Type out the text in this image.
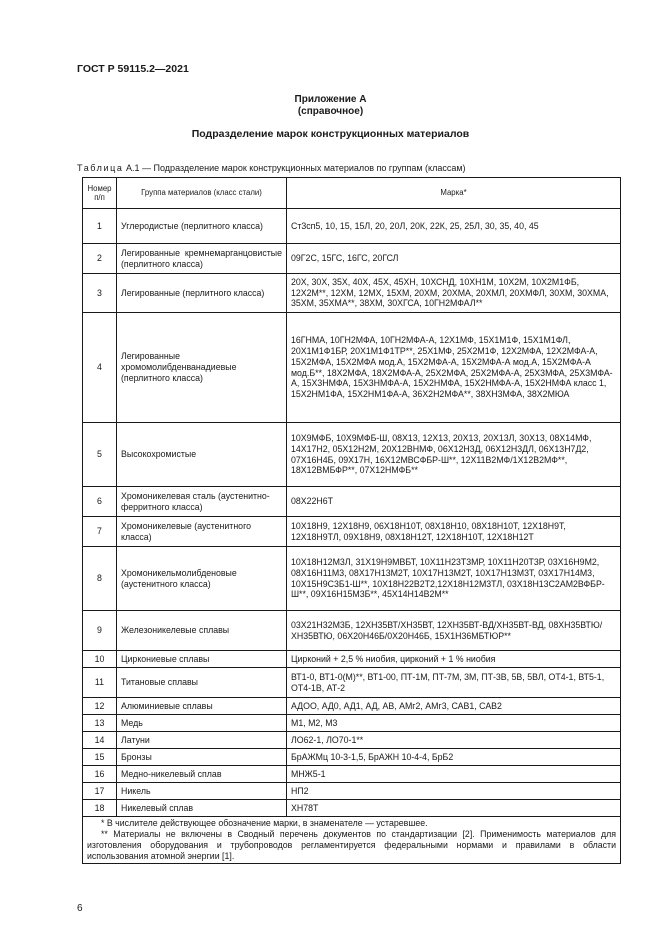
ГОСТ Р 59115.2—2021
Приложение А
(справочное)
Подразделение марок конструкционных материалов
Таблица А.1 — Подразделение марок конструкционных материалов по группам (классам)
Номер п/п	Группа материалов (класс стали)	Марка*
1	Углеродистые (перлитного класса)	Ст3сп5, 10, 15, 15Л, 20, 20Л, 20К, 22К, 25, 25Л, 30, 35, 40, 45
2	Легированные кремнемарганцовистые (перлитного класса)	09Г2С, 15ГС, 16ГС, 20ГСЛ
3	Легированные (перлитного класса)	20Х, 30Х, 35Х, 40Х, 45Х, 45ХН, 10ХСНД, 10ХН1М, 10Х2М, 10Х2М1ФБ, 12Х2М**, 12ХМ, 12МХ, 15ХМ, 20ХМ, 20ХМА, 20ХМЛ, 20ХМФЛ, 30ХМ, 30ХМА, 35ХМ, 35ХМА**, 38ХМ, 30ХГСА, 10ГН2МФАЛ**
4	Легированные хромомолибденванадиевые (перлитного класса)	16ГНМА, 10ГН2МФА, 10ГН2МФА-А, 12Х1МФ, 15Х1М1Ф, 15Х1М1ФЛ, 20Х1М1Ф1БР, 20Х1М1Ф1ТР**, 25Х1МФ, 25Х2М1Ф, 12Х2МФА, 12Х2МФА-А, 15Х2МФА, 15Х2МФА мод.А, 15Х2МФА-А, 15Х2МФА-А мод.А, 15Х2МФА-А мод.Б**, 18Х2МФА, 18Х2МФА-А, 25Х2МФА, 25Х2МФА-А, 25Х3МФА, 25Х3МФА-А, 15Х3НМФА, 15Х3НМФА-А, 15Х2НМФА, 15Х2НМФА-А, 15Х2НМФА класс 1, 15Х2НМ1ФА, 15Х2НМ1ФА-А, 36Х2Н2МФА**, 38ХН3МФА, 38Х2МЮА
5	Высокохромистые	10Х9МФБ, 10Х9МФБ-Ш, 08Х13, 12Х13, 20Х13, 20Х13Л, 30Х13, 08Х14МФ, 14Х17Н2, 05Х12Н2М, 20Х12ВНМФ, 06Х12Н3Д, 06Х12Н3ДЛ, 06Х13Н7Д2, 07Х16Н4Б, 09Х17Н, 16Х12МВСФБР-Ш**, 12Х11В2МФ/1Х12В2МФ**, 18Х12ВМБФР**, 07Х12НМФБ**
6	Хромоникелевая сталь (аустенитно-ферритного класса)	08Х22Н6Т
7	Хромоникелевые (аустенитного класса)	10Х18Н9, 12Х18Н9, 06Х18Н10Т, 08Х18Н10, 08Х18Н10Т, 12Х18Н9Т, 12Х18Н9ТЛ, 09Х18Н9, 08Х18Н12Т, 12Х18Н10Т, 12Х18Н12Т
8	Хромоникельмолибденовые (аустенитного класса)	10Х18Н12М3Л, 31Х19Н9МВБТ, 10Х11Н23Т3МР, 10Х11Н20Т3Р, 03Х16Н9М2, 08Х16Н11М3, 08Х17Н13М2Т, 10Х17Н13М2Т, 10Х17Н13М3Т, 03Х17Н14М3, 10Х15Н9С3Б1-Ш**, 10Х18Н22В2Т2,12Х18Н12М3ТЛ, 03Х18Н13С2АМ2ВФБР-Ш**, 09Х16Н15М3Б**, 45Х14Н14В2М**
9	Железоникелевые сплавы	03Х21Н32М3Б, 12ХН35ВТ/ХН35ВТ, 12ХН35ВТ-ВД/ХН35ВТ-ВД, 08ХН35ВТЮ/ХН35ВТЮ, 06Х20Н46Б/0Х20Н46Б, 15Х1Н36МБТЮР**
10	Циркониевые сплавы	Цирконий + 2,5 % ниобия, цирконий + 1 % ниобия
11	Титановые сплавы	ВТ1-0, ВТ1-0(М)**, ВТ1-00, ПТ-1М, ПТ-7М, 3М, ПТ-3В, 5В, 5ВЛ, ОТ4-1, ВТ5-1, ОТ4-1В, АТ-2
12	Алюминиевые сплавы	АДОО, АД0, АД1, АД, АВ, АМг2, АМг3, САВ1, САВ2
13	Медь	М1, М2, М3
14	Латуни	ЛО62-1, ЛО70-1**
15	Бронзы	БрАЖМц 10-3-1,5, БрАЖН 10-4-4, БрБ2
16	Медно-никелевый сплав	МНЖ5-1
17	Никель	НП2
18	Никелевый сплав	ХН78Т

* В числителе действующее обозначение марки, в знаменателе — устаревшее.

** Материалы не включены в Сводный перечень документов по стандартизации [2]. Применимость материалов для изготовления оборудования и трубопроводов регламентируется федеральными нормами и правилами в области использования атомной энергии [1].		

6
